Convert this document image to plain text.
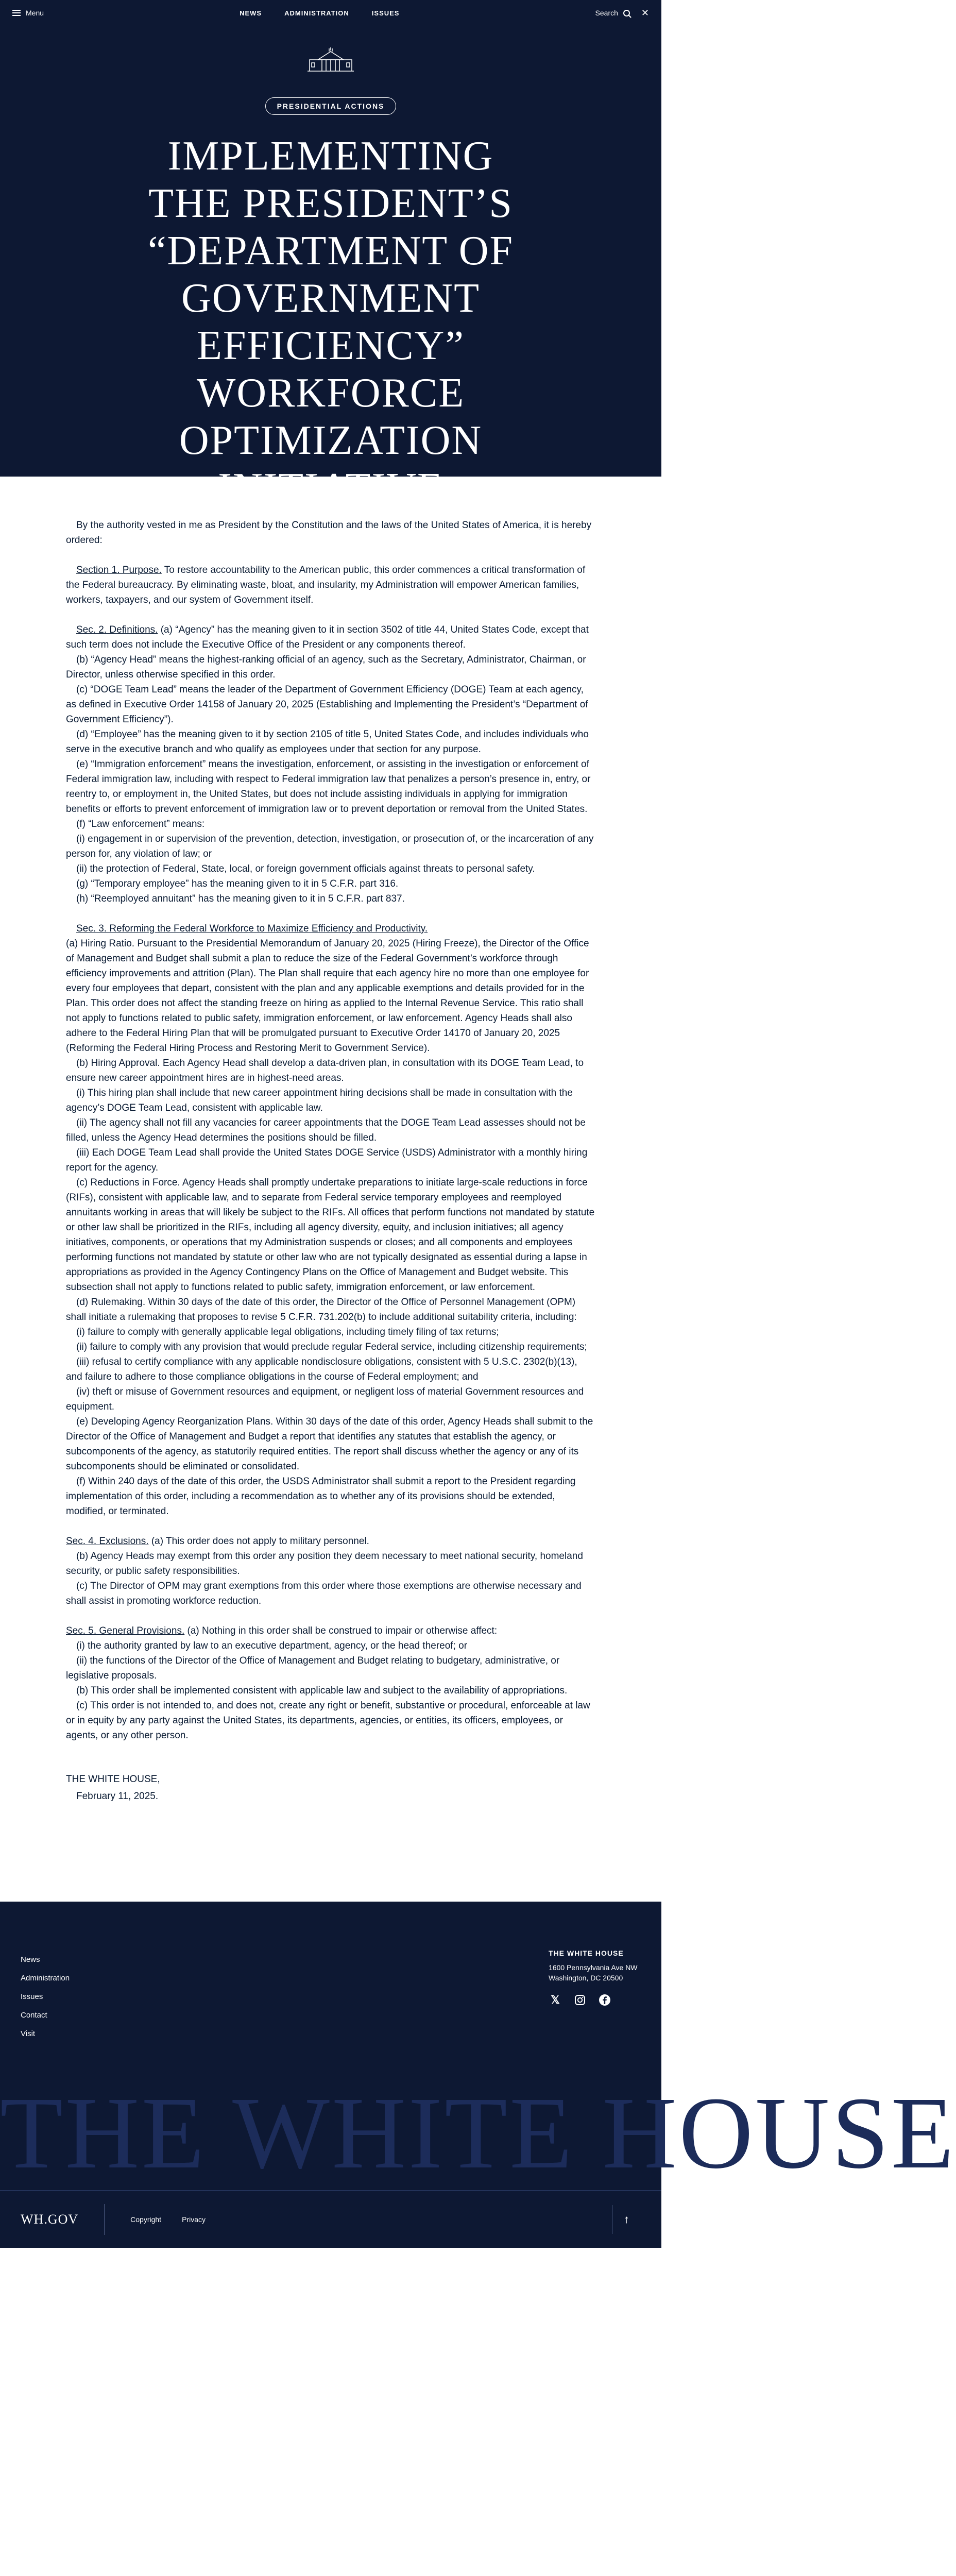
Menu	NEWS	ADMINISTRATION	ISSUES	Search	✕
PRESIDENTIAL ACTIONS
IMPLEMENTING THE PRESIDENT’S “DEPARTMENT OF GOVERNMENT EFFICIENCY” WORKFORCE OPTIMIZATION INITIATIVE
EXECUTIVE ORDER
February 11, 2025

By the authority vested in me as President by the Constitution and the laws of the United States of America, it is hereby ordered:

Section 1. Purpose. To restore accountability to the American public, this order commences a critical transformation of the Federal bureaucracy. By eliminating waste, bloat, and insularity, my Administration will empower American families, workers, taxpayers, and our system of Government itself.

Sec. 2. Definitions. (a) “Agency” has the meaning given to it in section 3502 of title 44, United States Code, except that such term does not include the Executive Office of the President or any components thereof.

(b) “Agency Head” means the highest-ranking official of an agency, such as the Secretary, Administrator, Chairman, or Director, unless otherwise specified in this order.

(c) “DOGE Team Lead” means the leader of the Department of Government Efficiency (DOGE) Team at each agency, as defined in Executive Order 14158 of January 20, 2025 (Establishing and Implementing the President’s “Department of Government Efficiency”).

(d) “Employee” has the meaning given to it by section 2105 of title 5, United States Code, and includes individuals who serve in the executive branch and who qualify as employees under that section for any purpose.

(e) “Immigration enforcement” means the investigation, enforcement, or assisting in the investigation or enforcement of Federal immigration law, including with respect to Federal immigration law that penalizes a person’s presence in, entry, or reentry to, or employment in, the United States, but does not include assisting individuals in applying for immigration benefits or efforts to prevent enforcement of immigration law or to prevent deportation or removal from the United States.

(f) “Law enforcement” means:

(i) engagement in or supervision of the prevention, detection, investigation, or prosecution of, or the incarceration of any person for, any violation of law; or

(ii) the protection of Federal, State, local, or foreign government officials against threats to personal safety.

(g) “Temporary employee” has the meaning given to it in 5 C.F.R. part 316.

(h) “Reemployed annuitant” has the meaning given to it in 5 C.F.R. part 837.

Sec. 3. Reforming the Federal Workforce to Maximize Efficiency and Productivity.

(a) Hiring Ratio. Pursuant to the Presidential Memorandum of January 20, 2025 (Hiring Freeze), the Director of the Office of Management and Budget shall submit a plan to reduce the size of the Federal Government’s workforce through efficiency improvements and attrition (Plan). The Plan shall require that each agency hire no more than one employee for every four employees that depart, consistent with the plan and any applicable exemptions and details provided for in the Plan. This order does not affect the standing freeze on hiring as applied to the Internal Revenue Service. This ratio shall not apply to functions related to public safety, immigration enforcement, or law enforcement. Agency Heads shall also adhere to the Federal Hiring Plan that will be promulgated pursuant to Executive Order 14170 of January 20, 2025 (Reforming the Federal Hiring Process and Restoring Merit to Government Service).

(b) Hiring Approval. Each Agency Head shall develop a data-driven plan, in consultation with its DOGE Team Lead, to ensure new career appointment hires are in highest-need areas.

(i) This hiring plan shall include that new career appointment hiring decisions shall be made in consultation with the agency’s DOGE Team Lead, consistent with applicable law.

(ii) The agency shall not fill any vacancies for career appointments that the DOGE Team Lead assesses should not be filled, unless the Agency Head determines the positions should be filled.

(iii) Each DOGE Team Lead shall provide the United States DOGE Service (USDS) Administrator with a monthly hiring report for the agency.

(c) Reductions in Force. Agency Heads shall promptly undertake preparations to initiate large-scale reductions in force (RIFs), consistent with applicable law, and to separate from Federal service temporary employees and reemployed annuitants working in areas that will likely be subject to the RIFs. All offices that perform functions not mandated by statute or other law shall be prioritized in the RIFs, including all agency diversity, equity, and inclusion initiatives; all agency initiatives, components, or operations that my Administration suspends or closes; and all components and employees performing functions not mandated by statute or other law who are not typically designated as essential during a lapse in appropriations as provided in the Agency Contingency Plans on the Office of Management and Budget website. This subsection shall not apply to functions related to public safety, immigration enforcement, or law enforcement.

(d) Rulemaking. Within 30 days of the date of this order, the Director of the Office of Personnel Management (OPM) shall initiate a rulemaking that proposes to revise 5 C.F.R. 731.202(b) to include additional suitability criteria, including:

(i) failure to comply with generally applicable legal obligations, including timely filing of tax returns;

(ii) failure to comply with any provision that would preclude regular Federal service, including citizenship requirements;

(iii) refusal to certify compliance with any applicable nondisclosure obligations, consistent with 5 U.S.C. 2302(b)(13), and failure to adhere to those compliance obligations in the course of Federal employment; and

(iv) theft or misuse of Government resources and equipment, or negligent loss of material Government resources and equipment.

(e) Developing Agency Reorganization Plans. Within 30 days of the date of this order, Agency Heads shall submit to the Director of the Office of Management and Budget a report that identifies any statutes that establish the agency, or subcomponents of the agency, as statutorily required entities. The report shall discuss whether the agency or any of its subcomponents should be eliminated or consolidated.

(f) Within 240 days of the date of this order, the USDS Administrator shall submit a report to the President regarding implementation of this order, including a recommendation as to whether any of its provisions should be extended, modified, or terminated.

Sec. 4. Exclusions. (a) This order does not apply to military personnel.

(b) Agency Heads may exempt from this order any position they deem necessary to meet national security, homeland security, or public safety responsibilities.

(c) The Director of OPM may grant exemptions from this order where those exemptions are otherwise necessary and shall assist in promoting workforce reduction.

Sec. 5. General Provisions. (a) Nothing in this order shall be construed to impair or otherwise affect:

(i) the authority granted by law to an executive department, agency, or the head thereof; or

(ii) the functions of the Director of the Office of Management and Budget relating to budgetary, administrative, or legislative proposals.

(b) This order shall be implemented consistent with applicable law and subject to the availability of appropriations.

(c) This order is not intended to, and does not, create any right or benefit, substantive or procedural, enforceable at law or in equity by any party against the United States, its departments, agencies, or entities, its officers, employees, or agents, or any other person.

THE WHITE HOUSE,

February 11, 2025.

News
Administration
Issues
Contact
Visit
THE WHITE HOUSE
1600 Pennsylvania Ave NW
Washington, DC 20500
𝕏
THE WHITE HOUSE
WH.GOV	Copyright	Privacy	↑
